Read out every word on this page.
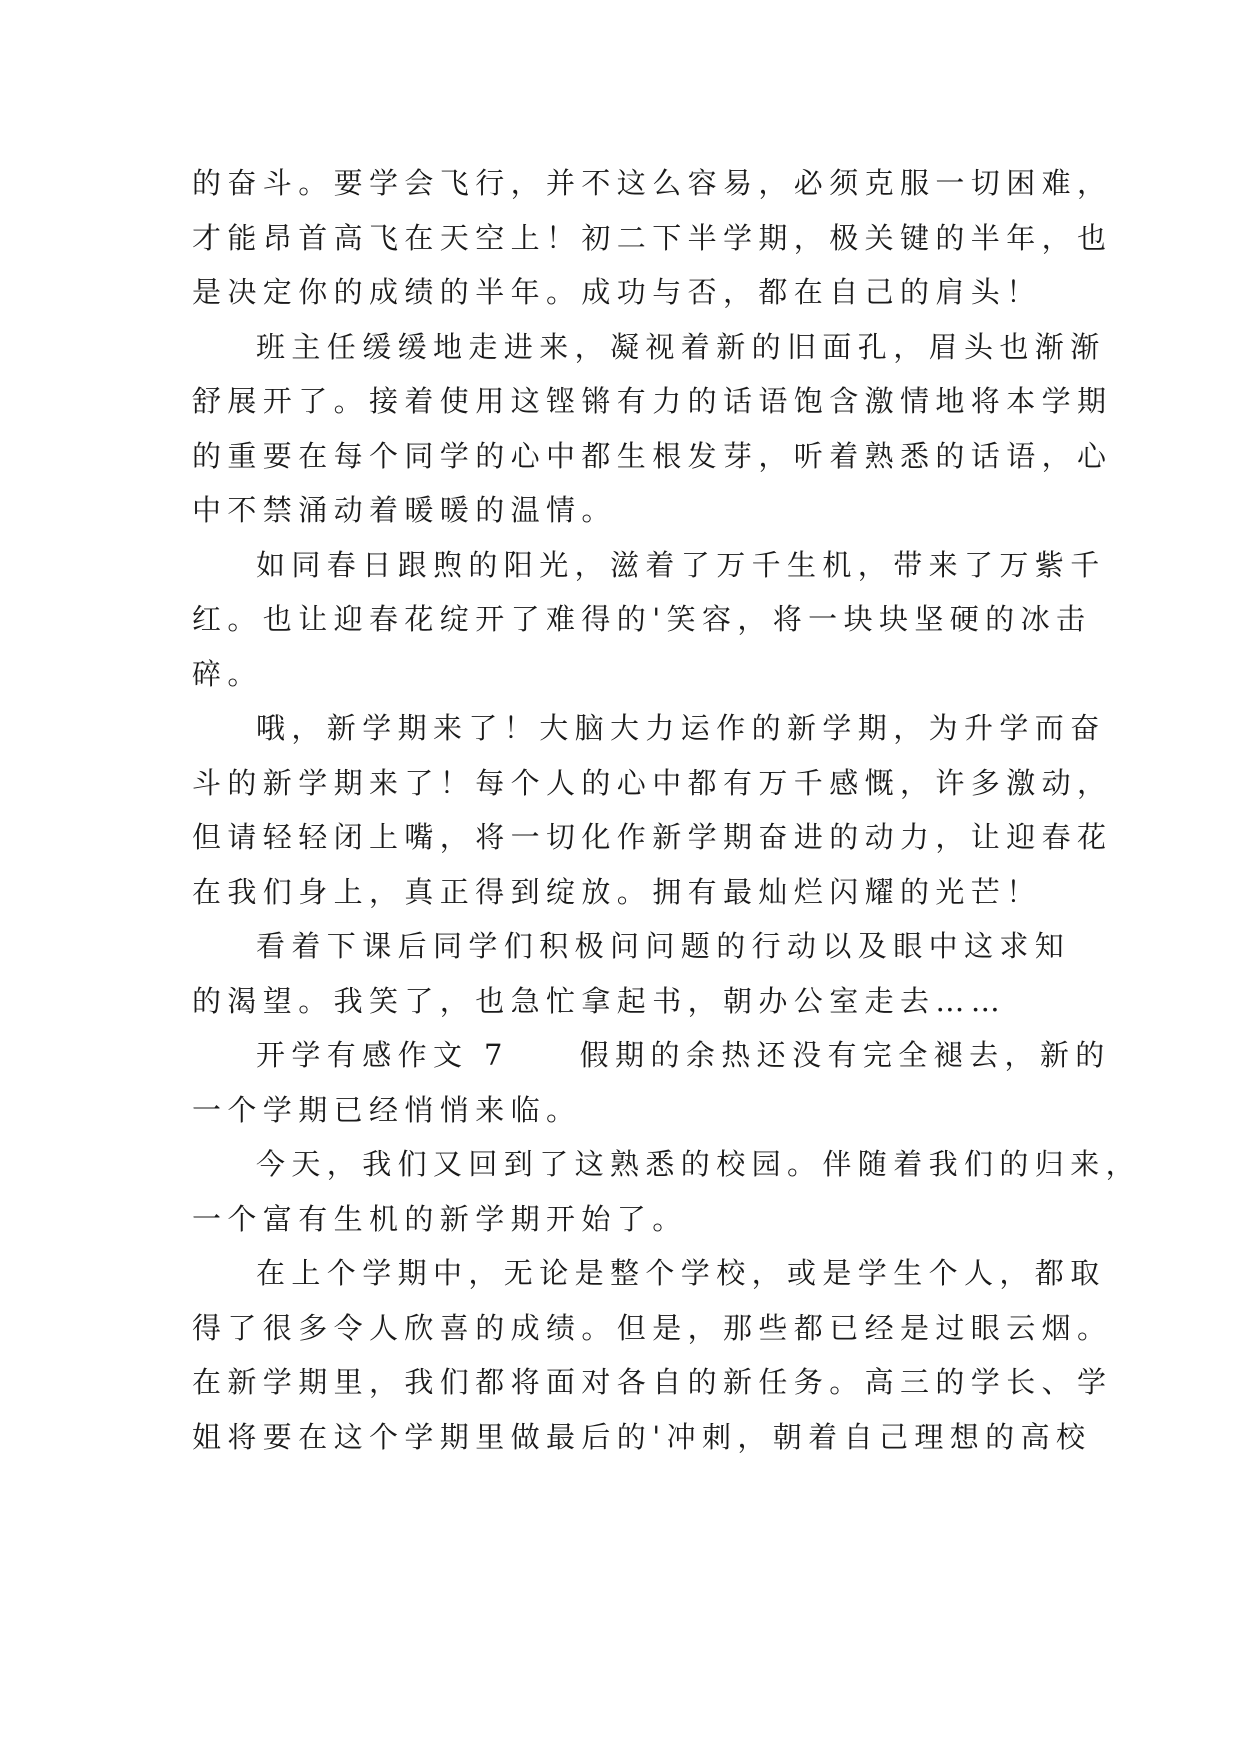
的奋斗。要学会飞行，并不这么容易，必须克服一切困难，
才能昂首高飞在天空上！初二下半学期，极关键的半年，也
是决定你的成绩的半年。成功与否，都在自己的肩头！
班主任缓缓地走进来，凝视着新的旧面孔，眉头也渐渐
舒展开了。接着使用这铿锵有力的话语饱含激情地将本学期
的重要在每个同学的心中都生根发芽，听着熟悉的话语，心
中不禁涌动着暖暖的温情。
如同春日跟煦的阳光，滋着了万千生机，带来了万紫千
红。也让迎春花绽开了难得的'笑容，将一块块坚硬的冰击
碎。
哦，新学期来了！大脑大力运作的新学期，为升学而奋
斗的新学期来了！每个人的心中都有万千感慨，许多激动，
但请轻轻闭上嘴，将一切化作新学期奋进的动力，让迎春花
在我们身上，真正得到绽放。拥有最灿烂闪耀的光芒！
看着下课后同学们积极问问题的行动以及眼中这求知
的渴望。我笑了，也急忙拿起书，朝办公室走去……
开学有感作文 7　　假期的余热还没有完全褪去，新的
一个学期已经悄悄来临。
今天，我们又回到了这熟悉的校园。伴随着我们的归来，
一个富有生机的新学期开始了。
在上个学期中，无论是整个学校，或是学生个人，都取
得了很多令人欣喜的成绩。但是，那些都已经是过眼云烟。
在新学期里，我们都将面对各自的新任务。高三的学长、学
姐将要在这个学期里做最后的'冲刺，朝着自己理想的高校
